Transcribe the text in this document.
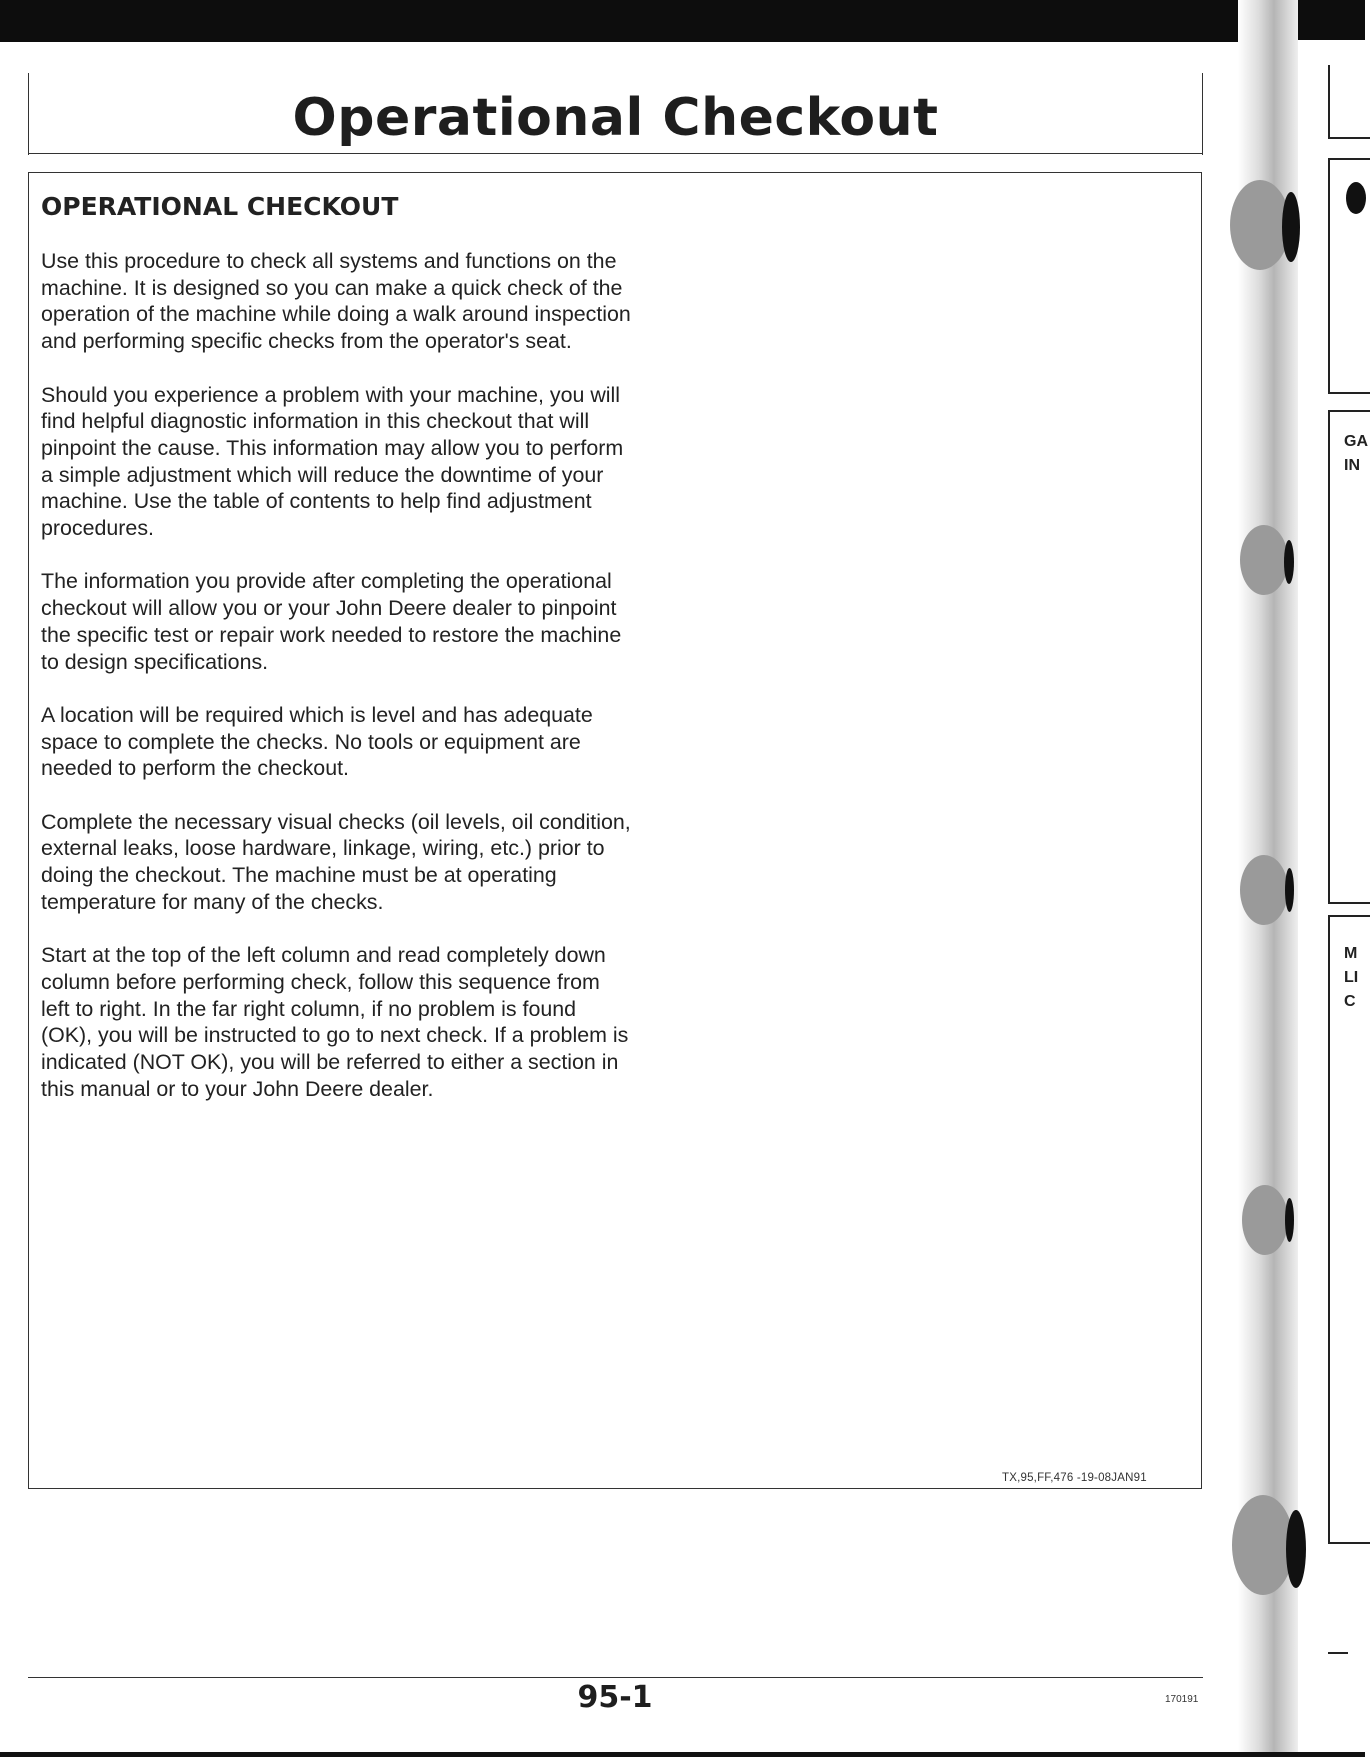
Operational Checkout
OPERATIONAL CHECKOUT

Use this procedure to check all systems and functions on the machine. It is designed so you can make a quick check of the operation of the machine while doing a walk around inspection and performing specific checks from the operator's seat.

Should you experience a problem with your machine, you will find helpful diagnostic information in this checkout that will pinpoint the cause. This information may allow you to perform a simple adjustment which will reduce the downtime of your machine. Use the table of contents to help find adjustment procedures.

The information you provide after completing the operational checkout will allow you or your John Deere dealer to pinpoint the specific test or repair work needed to restore the machine to design specifications.

A location will be required which is level and has adequate space to complete the checks. No tools or equipment are needed to perform the checkout.

Complete the necessary visual checks (oil levels, oil condition, external leaks, loose hardware, linkage, wiring, etc.) prior to doing the checkout. The machine must be at operating temperature for many of the checks.

Start at the top of the left column and read completely down column before performing check, follow this sequence from left to right. In the far right column, if no problem is found (OK), you will be instructed to go to next check. If a problem is indicated (NOT OK), you will be referred to either a section in this manual or to your John Deere dealer.

TX,95,FF,476 -19-08JAN91
95-1	170191
GA
IN
M
LI
C
